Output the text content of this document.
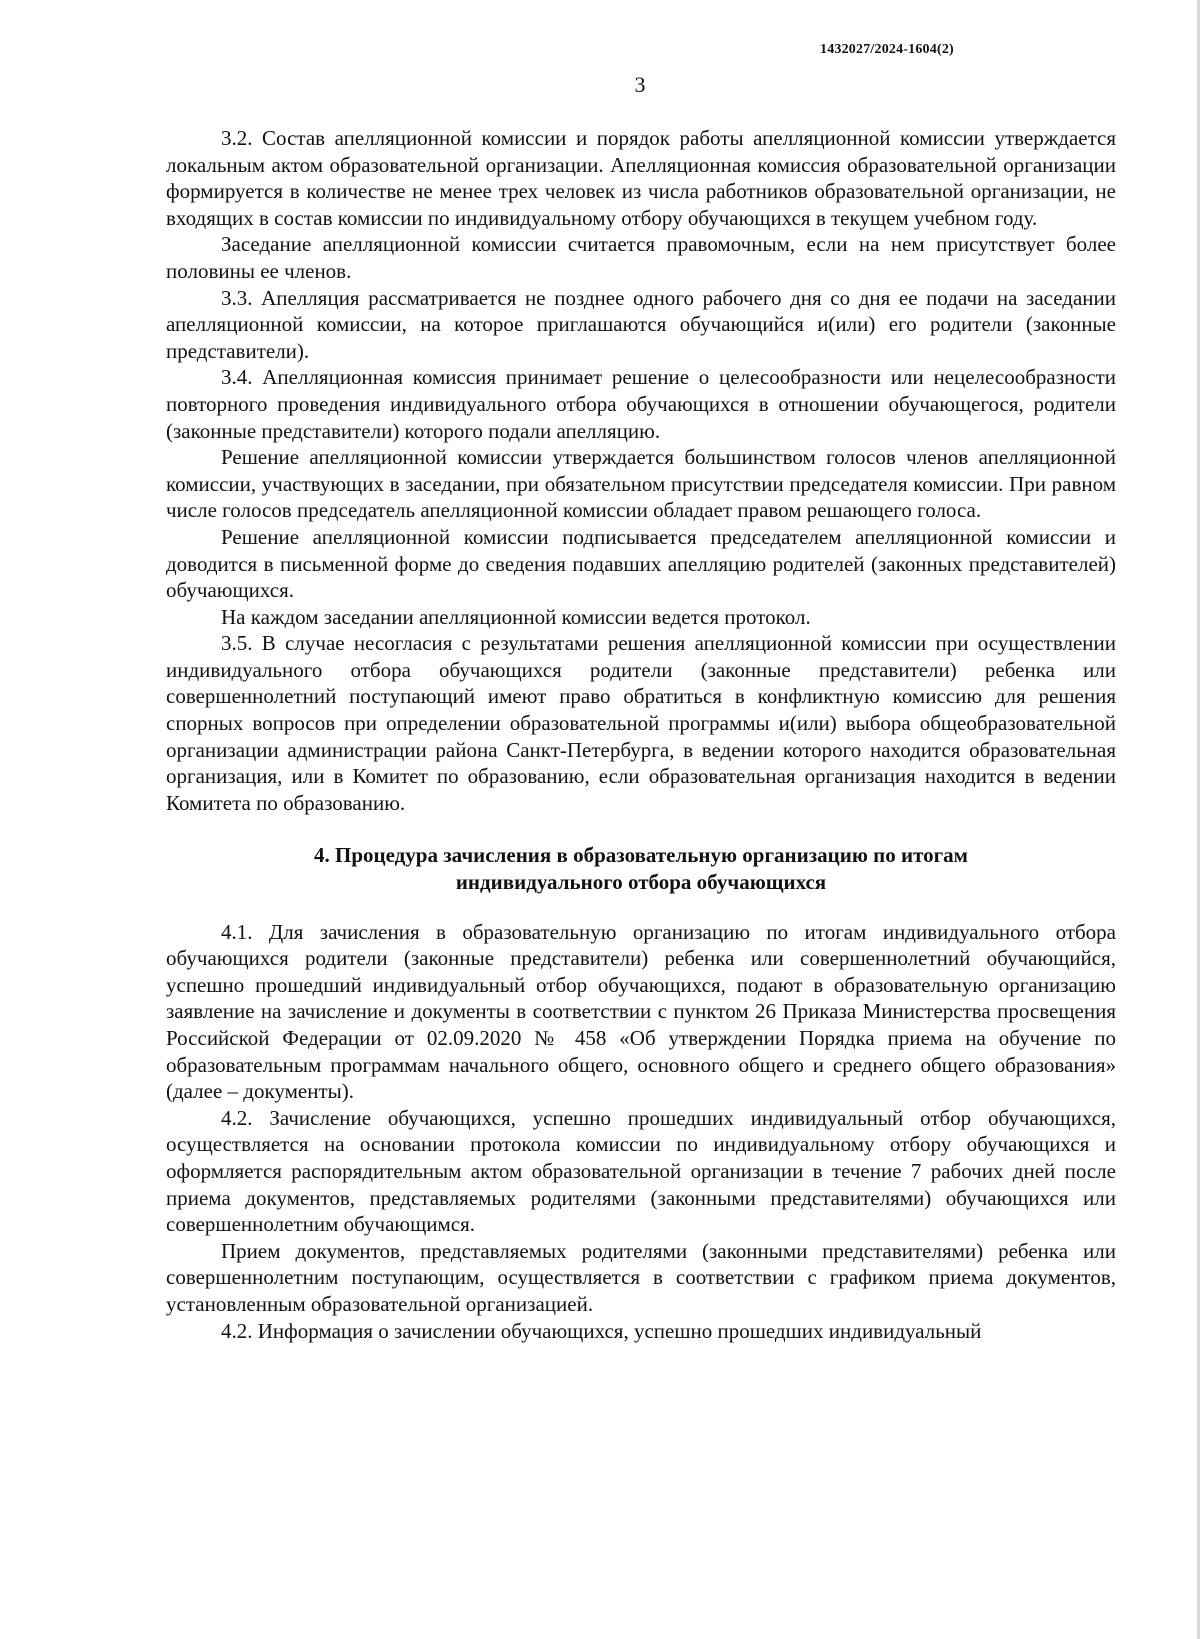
1432027/2024-1604(2)
3

3.2. Состав апелляционной комиссии и порядок работы апелляционной комиссии утверждается локальным актом образовательной организации. Апелляционная комиссия образовательной организации формируется в количестве не менее трех человек из числа работников образовательной организации, не входящих в состав комиссии по индивидуальному отбору обучающихся в текущем учебном году.

Заседание апелляционной комиссии считается правомочным, если на нем присутствует более половины ее членов.

3.3. Апелляция рассматривается не позднее одного рабочего дня со дня ее подачи на заседании апелляционной комиссии, на которое приглашаются обучающийся и(или) его родители (законные представители).

3.4. Апелляционная комиссия принимает решение о целесообразности или нецелесообразности повторного проведения индивидуального отбора обучающихся в отношении обучающегося, родители (законные представители) которого подали апелляцию.

Решение апелляционной комиссии утверждается большинством голосов членов апелляционной комиссии, участвующих в заседании, при обязательном присутствии председателя комиссии. При равном числе голосов председатель апелляционной комиссии обладает правом решающего голоса.

Решение апелляционной комиссии подписывается председателем апелляционной комиссии и доводится в письменной форме до сведения подавших апелляцию родителей (законных представителей) обучающихся.

На каждом заседании апелляционной комиссии ведется протокол.

3.5. В случае несогласия с результатами решения апелляционной комиссии при осуществлении индивидуального отбора обучающихся родители (законные представители) ребенка или совершеннолетний поступающий имеют право обратиться в конфликтную комиссию для решения спорных вопросов при определении образовательной программы и(или) выбора общеобразовательной организации администрации района Санкт-Петербурга, в ведении которого находится образовательная организация, или в Комитет по образованию, если образовательная организация находится в ведении Комитета по образованию.

4. Процедура зачисления в образовательную организацию по итогам
индивидуального отбора обучающихся

4.1. Для зачисления в образовательную организацию по итогам индивидуального отбора обучающихся родители (законные представители) ребенка или совершеннолетний обучающийся, успешно прошедший индивидуальный отбор обучающихся, подают в образовательную организацию заявление на зачисление и документы в соответствии с пунктом 26 Приказа Министерства просвещения Российской Федерации от 02.09.2020 № 458 «Об утверждении Порядка приема на обучение по образовательным программам начального общего, основного общего и среднего общего образования» (далее – документы).

4.2. Зачисление обучающихся, успешно прошедших индивидуальный отбор обучающихся, осуществляется на основании протокола комиссии по индивидуальному отбору обучающихся и оформляется распорядительным актом образовательной организации в течение 7 рабочих дней после приема документов, представляемых родителями (законными представителями) обучающихся или совершеннолетним обучающимся.

Прием документов, представляемых родителями (законными представителями) ребенка или совершеннолетним поступающим, осуществляется в соответствии с графиком приема документов, установленным образовательной организацией.

4.2. Информация о зачислении обучающихся, успешно прошедших индивидуальный
